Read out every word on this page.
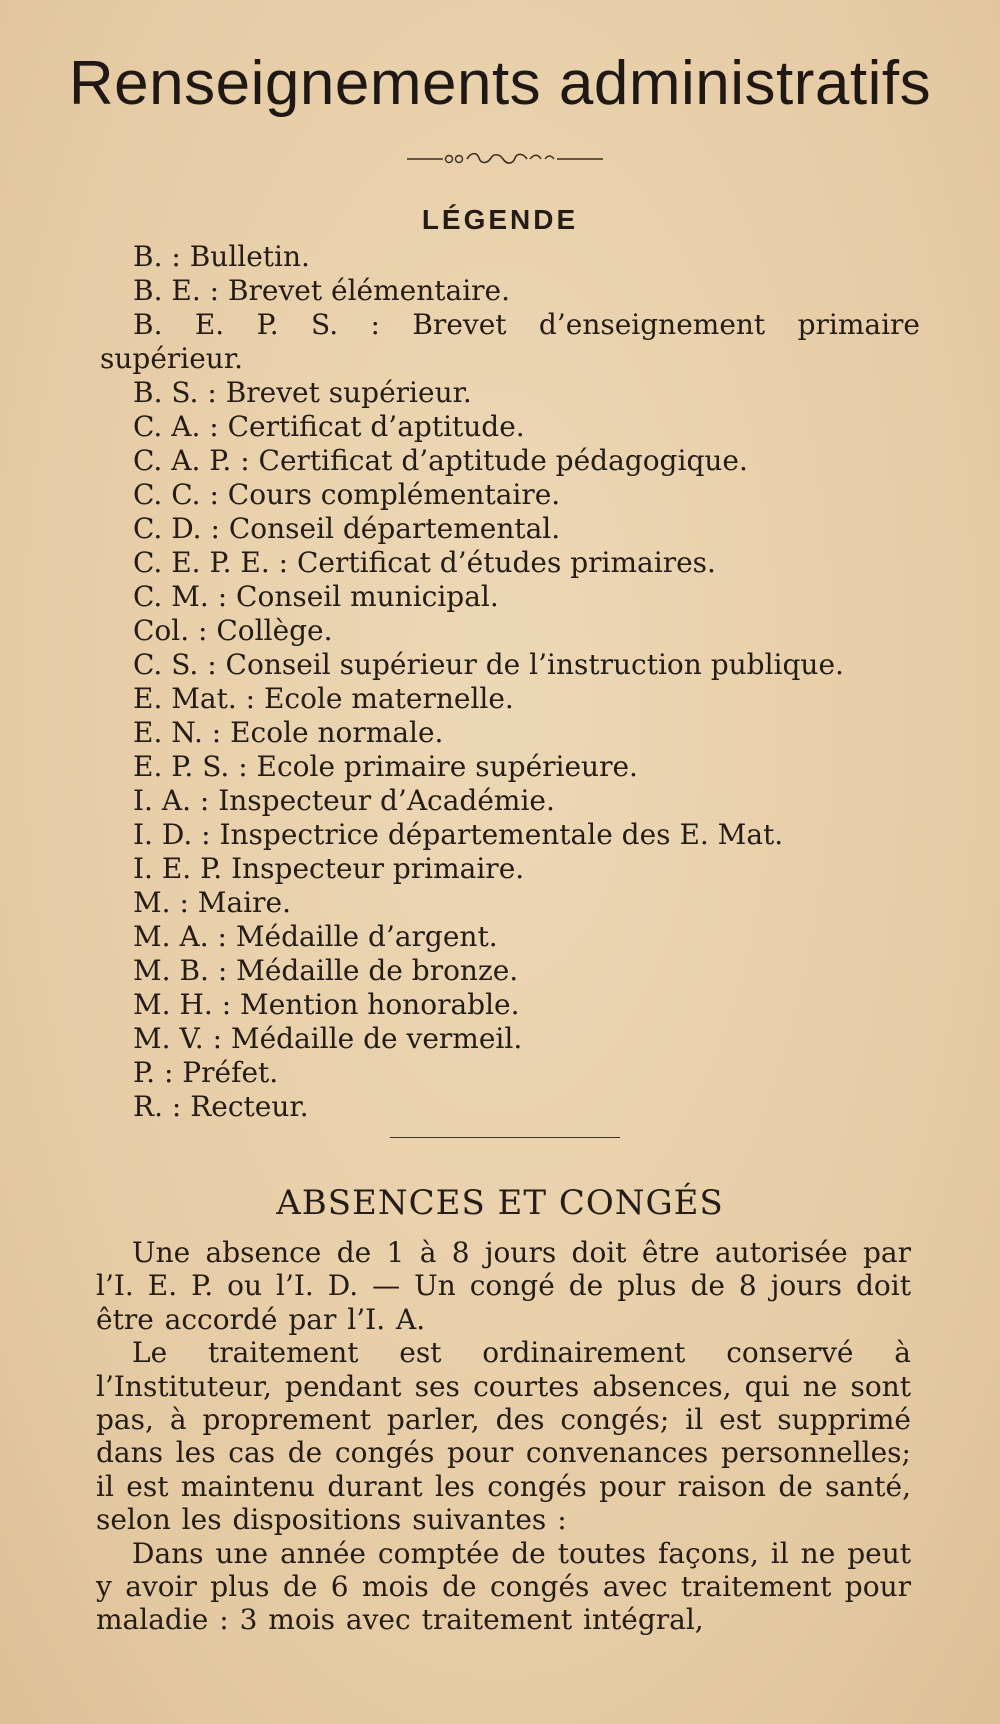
Renseignements administratifs
LÉGENDE
B. : Bulletin.
B. E. : Brevet élémentaire.
B. E. P. S. : Brevet d’enseignement primaire supérieur.
B. S. : Brevet supérieur.
C. A. : Certificat d’aptitude.
C. A. P. : Certificat d’aptitude pédagogique.
C. C. : Cours complémentaire.
C. D. : Conseil départemental.
C. E. P. E. : Certificat d’études primaires.
C. M. : Conseil municipal.
Col. : Collège.
C. S. : Conseil supérieur de l’instruction publique.
E. Mat. : Ecole maternelle.
E. N. : Ecole normale.
E. P. S. : Ecole primaire supérieure.
I. A. : Inspecteur d’Académie.
I. D. : Inspectrice départementale des E. Mat.
I. E. P. Inspecteur primaire.
M. : Maire.
M. A. : Médaille d’argent.
M. B. : Médaille de bronze.
M. H. : Mention honorable.
M. V. : Médaille de vermeil.
P. : Préfet.
R. : Recteur.
ABSENCES ET CONGÉS

Une absence de 1 à 8 jours doit être autorisée par l’I. E. P. ou l’I. D. — Un congé de plus de 8 jours doit être accordé par l’I. A.

Le traitement est ordinairement conservé à l’Instituteur, pendant ses courtes absences, qui ne sont pas, à proprement parler, des congés; il est supprimé dans les cas de congés pour convenances personnelles; il est maintenu durant les congés pour raison de santé, selon les dispositions suivantes :

Dans une année comptée de toutes façons, il ne peut y avoir plus de 6 mois de congés avec traitement pour maladie : 3 mois avec traitement intégral,
